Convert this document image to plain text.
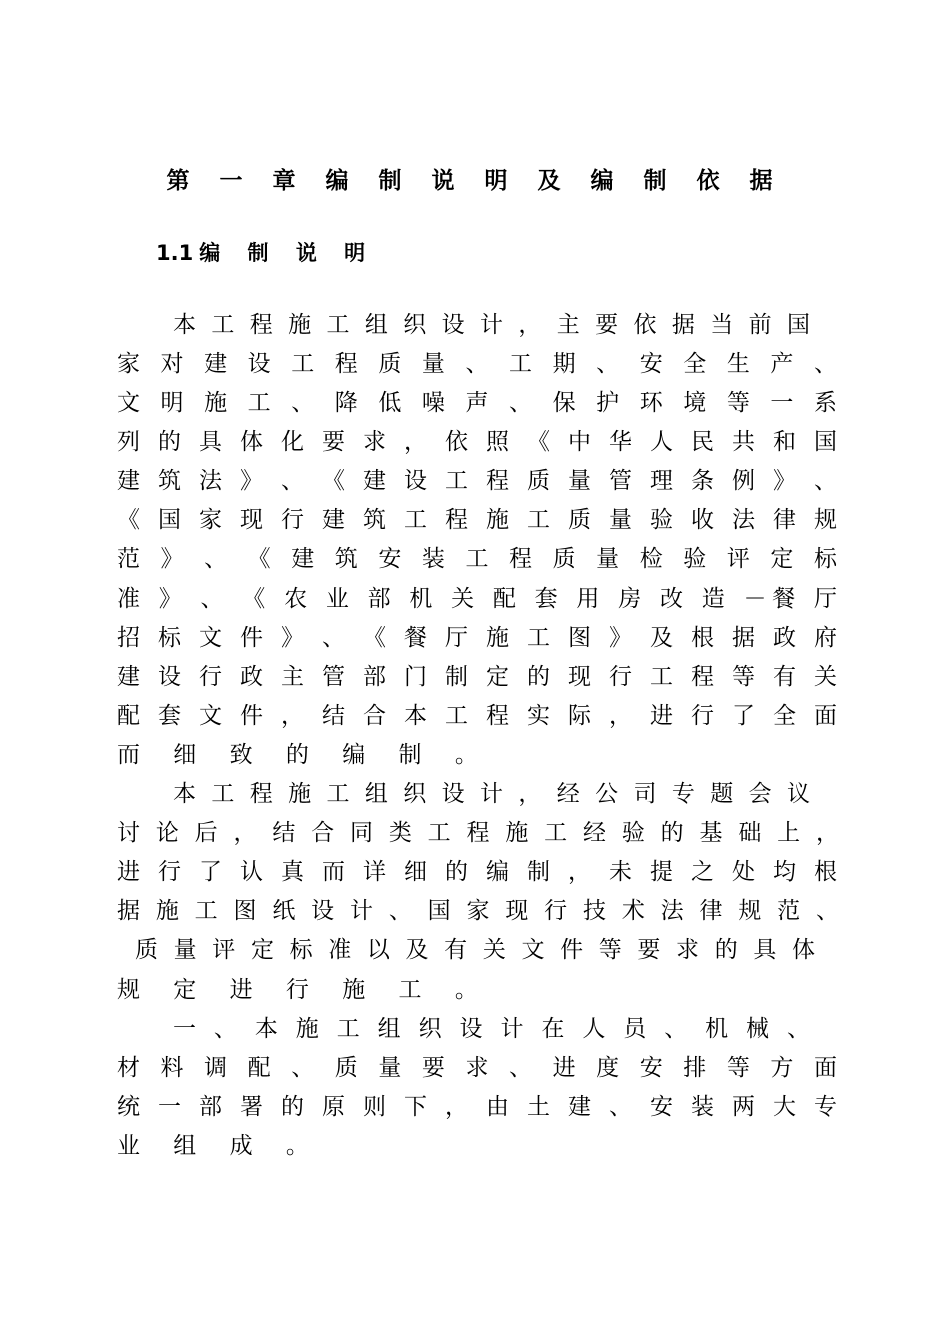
第 一 章 编 制 说 明 及 编 制 依 据
1.1 编 制 说 明
本 工 程 施 工 组 织 设 计 ， 主 要 依 据 当 前 国
家 对 建 设 工 程 质 量 、 工 期 、 安 全 生 产 、
文 明 施 工 、 降 低 噪 声 、 保 护 环 境 等 一 系
列 的 具 体 化 要 求 ， 依 照 《 中 华 人 民 共 和 国
建 筑 法 》 、 《 建 设 工 程 质 量 管 理 条 例 》 、
《 国 家 现 行 建 筑 工 程 施 工 质 量 验 收 法 律 规
范 》 、 《 建 筑 安 装 工 程 质 量 检 验 评 定 标
准 》 、 《 农 业 部 机 关 配 套 用 房 改 造 －餐 厅
招 标 文 件 》 、 《 餐 厅 施 工 图 》 及 根 据 政 府
建 设 行 政 主 管 部 门 制 定 的 现 行 工 程 等 有 关
配 套 文 件 ， 结 合 本 工 程 实 际 ， 进 行 了 全 面
而 细 致 的 编 制 。
本 工 程 施 工 组 织 设 计 ， 经 公 司 专 题 会 议
讨 论 后 ， 结 合 同 类 工 程 施 工 经 验 的 基 础 上 ，
进 行 了 认 真 而 详 细 的 编 制 ， 未 提 之 处 均 根
据 施 工 图 纸 设 计 、 国 家 现 行 技 术 法 律 规 范 、
质 量 评 定 标 准 以 及 有 关 文 件 等 要 求 的 具 体
规 定 进 行 施 工 。
一 、 本 施 工 组 织 设 计 在 人 员 、 机 械 、
材 料 调 配 、 质 量 要 求 、 进 度 安 排 等 方 面
统 一 部 署 的 原 则 下 ， 由 土 建 、 安 装 两 大 专
业 组 成 。
